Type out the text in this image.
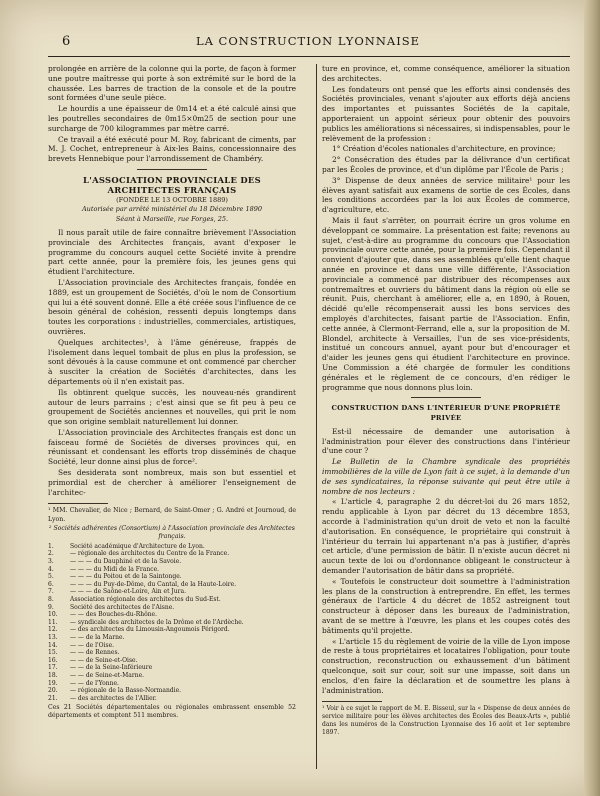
6	LA CONSTRUCTION LYONNAISE

prolongée en arrière de la colonne qui la porte, de façon à former une poutre maîtresse qui porte à son extrémité sur le bord de la chaussée. Les barres de traction de la console et de la poutre sont formées d'une seule pièce.

Le hourdis a une épaisseur de 0m14 et a été calculé ainsi que les poutrelles secondaires de 0m15×0m25 de section pour une surcharge de 700 kilogrammes par mètre carré.

Ce travail a été exécuté pour M. Roy, fabricant de ciments, par M. J. Cochet, entrepreneur à Aix-les Bains, concessionnaire des brevets Hennebique pour l'arrondissement de Chambéry.

L'ASSOCIATION PROVINCIALE DES ARCHITECTES FRANÇAIS
(FONDÉE LE 13 OCTOBRE 1889)
Autorisée par arrêté ministériel du 18 Décembre 1890
Séant à Marseille, rue Forges, 25.

Il nous paraît utile de faire connaître brièvement l'Association provinciale des Architectes français, avant d'exposer le programme du concours auquel cette Société invite à prendre part cette année, pour la première fois, les jeunes gens qui étudient l'architecture.

L'Association provinciale des Architectes français, fondée en 1889, est un groupement de Sociétés, d'où le nom de Consortium qui lui a été souvent donné. Elle a été créée sous l'influence de ce besoin général de cohésion, ressenti depuis longtemps dans toutes les corporations : industrielles, commerciales, artistiques, ouvrières.

Quelques architectes¹, à l'âme généreuse, frappés de l'isolement dans lequel tombait de plus en plus la profession, se sont dévoués à la cause commune et ont commencé par chercher à susciter la création de Sociétés d'architectes, dans les départements où il n'en existait pas.

Ils obtinrent quelque succès, les nouveau-nés grandirent autour de leurs parrains ; c'est ainsi que se fit peu à peu ce groupement de Sociétés anciennes et nouvelles, qui prit le nom que son origine semblait naturellement lui donner.

L'Association provinciale des Architectes français est donc un faisceau formé de Sociétés de diverses provinces qui, en réunissant et condensant les efforts trop disséminés de chaque Société, leur donne ainsi plus de force².

Ses desiderata sont nombreux, mais son but essentiel et primordial est de chercher à améliorer l'enseignement de l'architec-

¹ MM. Chevalier, de Nice ; Bernard, de Saint-Omer ; G. André et Journoud, de Lyon.

² Sociétés adhérentes (Consortium) à l'Association provinciale des Architectes français.

1.	Société académique d'Architecture de Lyon.
2.	— régionale des architectes du Centre de la France.
3.	— — — du Dauphiné et de la Savoie.
4.	— — — du Midi de la France.
5.	— — — du Poitou et de la Saintonge.
6.	— — — du Puy-de-Dôme, du Cantal, de la Haute-Loire.
7.	— — — de Saône-et-Loire, Ain et Jura.
8.	Association régionale des architectes du Sud-Est.
9.	Société des architectes de l'Aisne.
10.	— — des Bouches-du-Rhône.
11.	— syndicale des architectes de la Drôme et de l'Ardèche.
12.	— des architectes du Limousin-Angoumois Périgord.
13.	— — de la Marne.
14.	— — de l'Oise.
15.	— — de Rennes.
16.	— — de Seine-et-Oise.
17.	— — de la Seine-Inférieure
18.	— — de Seine-et-Marne.
19.	— — de l'Yonne.
20.	— régionale de la Basse-Normandie.
21.	— des architectes de l'Allier.

Ces 21 Sociétés départementales ou régionales embrassent ensemble 52 départements et comptent 511 membres.

ture en province, et, comme conséquence, améliorer la situation des architectes.

Les fondateurs ont pensé que les efforts ainsi condensés des Sociétés provinciales, venant s'ajouter aux efforts déjà anciens des importantes et puissantes Sociétés de la capitale, apporteraient un appoint sérieux pour obtenir des pouvoirs publics les améliorations si nécessaires, si indispensables, pour le relèvement de la profession :

1° Création d'écoles nationales d'architecture, en province;

2° Consécration des études par la délivrance d'un certificat par les Écoles de province, et d'un diplôme par l'École de Paris ;

3° Dispense de deux années de service militaire¹ pour les élèves ayant satisfait aux examens de sortie de ces Écoles, dans les conditions accordées par la loi aux Écoles de commerce, d'agriculture, etc.

Mais il faut s'arrêter, on pourrait écrire un gros volume en développant ce sommaire. La présentation est faite; revenons au sujet, c'est-à-dire au programme du concours que l'Association provinciale ouvre cette année, pour la première fois. Cependant il convient d'ajouter que, dans ses assemblées qu'elle tient chaque année en province et dans une ville différente, l'Association provinciale a commencé par distribuer des récompenses aux contremaîtres et ouvriers du bâtiment dans la région où elle se réunit. Puis, cherchant à améliorer, elle a, en 1890, à Rouen, décidé qu'elle récompenserait aussi les bons services des employés d'architectes, faisant partie de l'Association. Enfin, cette année, à Clermont-Ferrand, elle a, sur la proposition de M. Blondel, architecte à Versailles, l'un de ses vice-présidents, institué un concours annuel, ayant pour but d'encourager et d'aider les jeunes gens qui étudient l'architecture en province. Une Commission a été chargée de formuler les conditions générales et le règlement de ce concours, d'en rédiger le programme que nous donnons plus loin.

CONSTRUCTION DANS L'INTÉRIEUR D'UNE PROPRIÉTÉ PRIVÉE

Est-il nécessaire de demander une autorisation à l'administration pour élever des constructions dans l'intérieur d'une cour ?

Le Bulletin de la Chambre syndicale des propriétés immobilières de la ville de Lyon fait à ce sujet, à la demande d'un de ses syndicataires, la réponse suivante qui peut être utile à nombre de nos lecteurs :

« L'article 4, paragraphe 2 du décret-loi du 26 mars 1852, rendu applicable à Lyon par décret du 13 décembre 1853, accorde à l'administration qu'un droit de veto et non la faculté d'autorisation. En conséquence, le propriétaire qui construit à l'intérieur du terrain lui appartenant n'a pas à justifier, d'après cet article, d'une permission de bâtir. Il n'existe aucun décret ni aucun texte de loi ou d'ordonnance obligeant le constructeur à demander l'autorisation de bâtir dans sa propriété.

« Toutefois le constructeur doit soumettre à l'administration les plans de la construction à entreprendre. En effet, les termes généraux de l'article 4 du décret de 1852 astreignent tout constructeur à déposer dans les bureaux de l'administration, avant de se mettre à l'œuvre, les plans et les coupes cotés des bâtiments qu'il projette.

« L'article 15 du règlement de voirie de la ville de Lyon impose de reste à tous propriétaires et locataires l'obligation, pour toute construction, reconstruction ou exhaussement d'un bâtiment quelconque, soit sur cour, soit sur une impasse, soit dans un enclos, d'en faire la déclaration et de soumettre les plans à l'administration.

¹ Voir à ce sujet le rapport de M. E. Bisseul, sur la « Dispense de deux années de service militaire pour les élèves architectes des Écoles des Beaux-Arts », publié dans les numéros de la Construction Lyonnaise des 16 août et 1er septembre 1897.
